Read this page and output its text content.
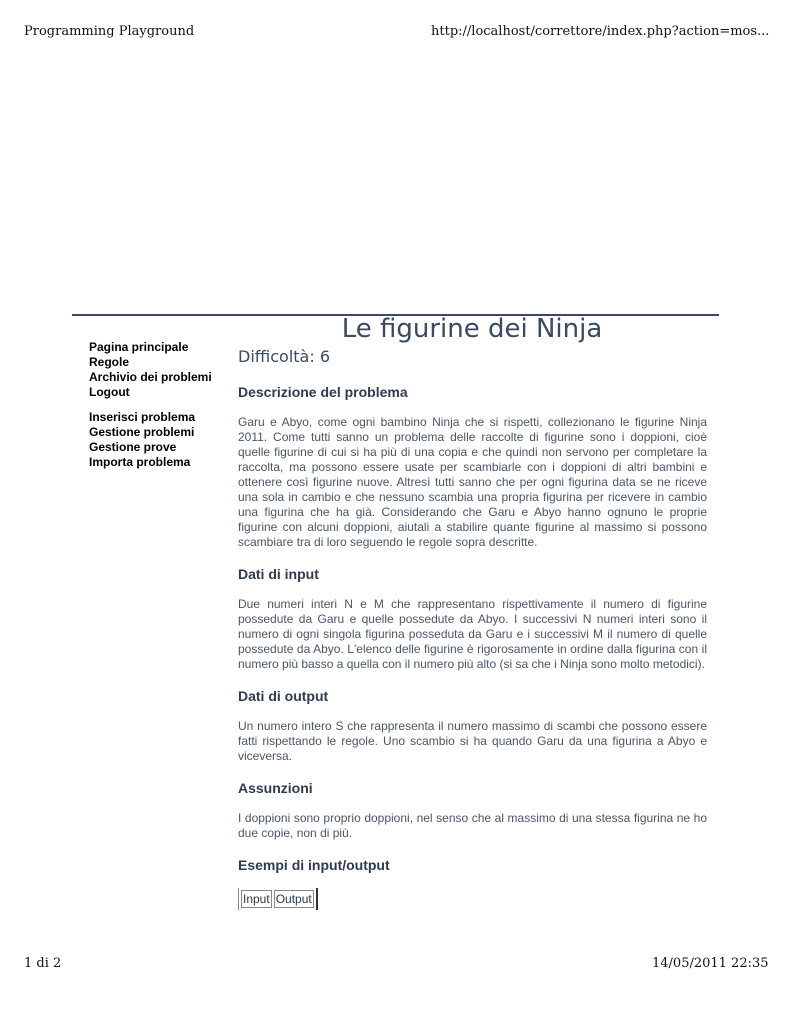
Programming Playground	http://localhost/correttore/index.php?action=mos...
Le figurine dei Ninja
Pagina principale
Regole
Archivio dei problemi
Logout
Inserisci problema
Gestione problemi
Gestione prove
Importa problema
Difficoltà: 6
Descrizione del problema

Garu e Abyo, come ogni bambino Ninja che si rispetti, collezionano le figurine Ninja 2011. Come tutti sanno un problema delle raccolte di figurine sono i doppioni, cioè quelle figurine di cui si ha più di una copia e che quindi non servono per completare la raccolta, ma possono essere usate per scambiarle con i doppioni di altri bambini e ottenere così figurine nuove. Altresì tutti sanno che per ogni figurina data se ne riceve una sola in cambio e che nessuno scambia una propria figurina per ricevere in cambio una figurina che ha già. Considerando che Garu e Abyo hanno ognuno le proprie figurine con alcuni doppioni, aiutali a stabilire quante figurine al massimo si possono scambiare tra di loro seguendo le regole sopra descritte.

Dati di input

Due numeri interi N e M che rappresentano rispettivamente il numero di figurine possedute da Garu e quelle possedute da Abyo. I successivi N numeri interi sono il numero di ogni singola figurina posseduta da Garu e i successivi M il numero di quelle possedute da Abyo. L'elenco delle figurine è rigorosamente in ordine dalla figurina con il numero più basso a quella con il numero più alto (si sa che i Ninja sono molto metodici).

Dati di output

Un numero intero S che rappresenta il numero massimo di scambi che possono essere fatti rispettando le regole. Uno scambio si ha quando Garu da una figurina a Abyo e viceversa.

Assunzioni

I doppioni sono proprio doppioni, nel senso che al massimo di una stessa figurina ne ho due copie, non di più.

Esempi di input/output
Input	Output
1 di 2	14/05/2011 22:35
